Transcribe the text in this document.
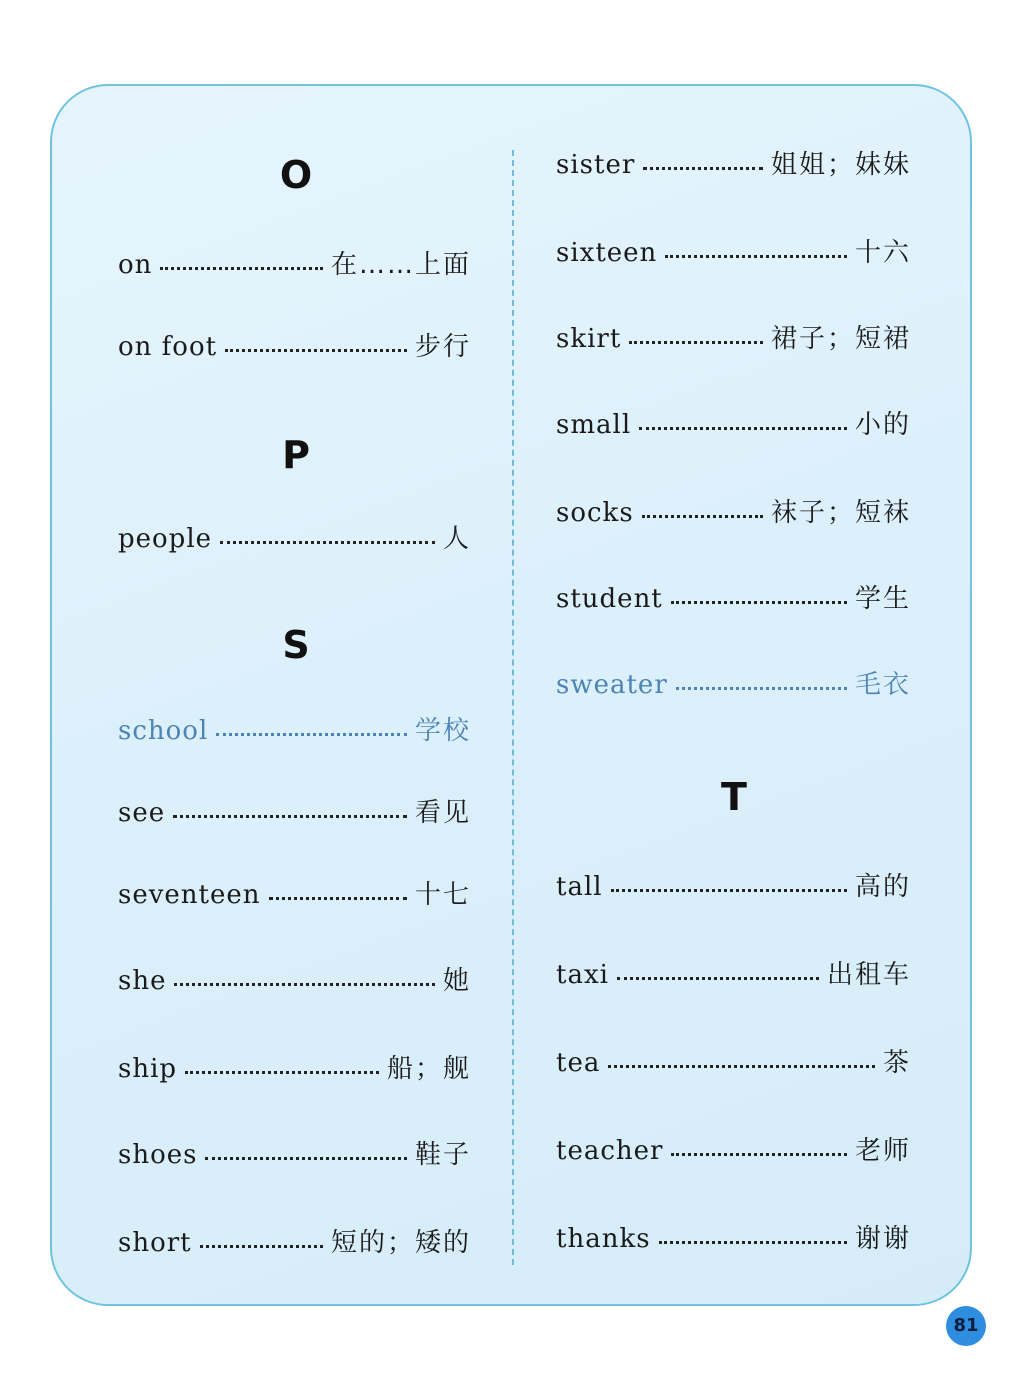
O
on	在……上面
on foot	步行
P
people	人
S
school	学校
see	看见
seventeen	十七
she	她
ship	船；舰
shoes	鞋子
short	短的；矮的
sister	姐姐；妹妹
sixteen	十六
skirt	裙子；短裙
small	小的
socks	袜子；短袜
student	学生
sweater	毛衣
T
tall	高的
taxi	出租车
tea	茶
teacher	老师
thanks	谢谢
81
